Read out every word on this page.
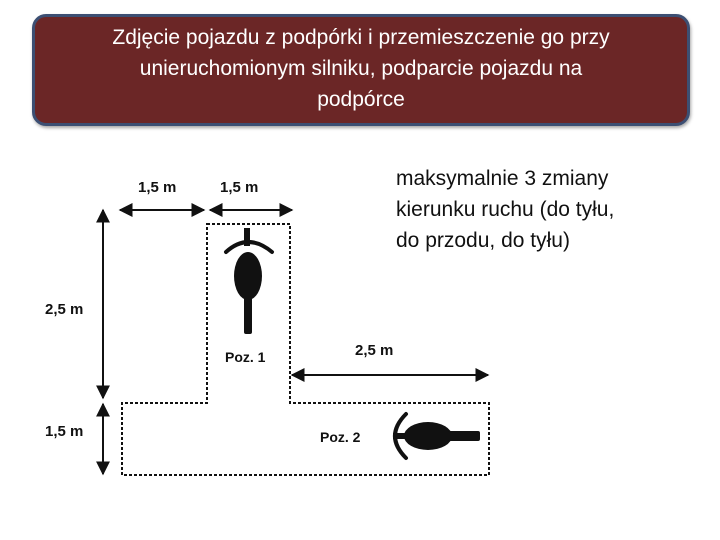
Zdjęcie pojazdu z podpórki i przemieszczenie go przy
unieruchomionym silniku, podparcie pojazdu na
podpórce
maksymalnie 3 zmiany
kierunku ruchu (do tyłu,
do przodu, do tyłu)
1,5 m	1,5 m
2,5 m
1,5 m
2,5 m
Poz. 1
Poz. 2
